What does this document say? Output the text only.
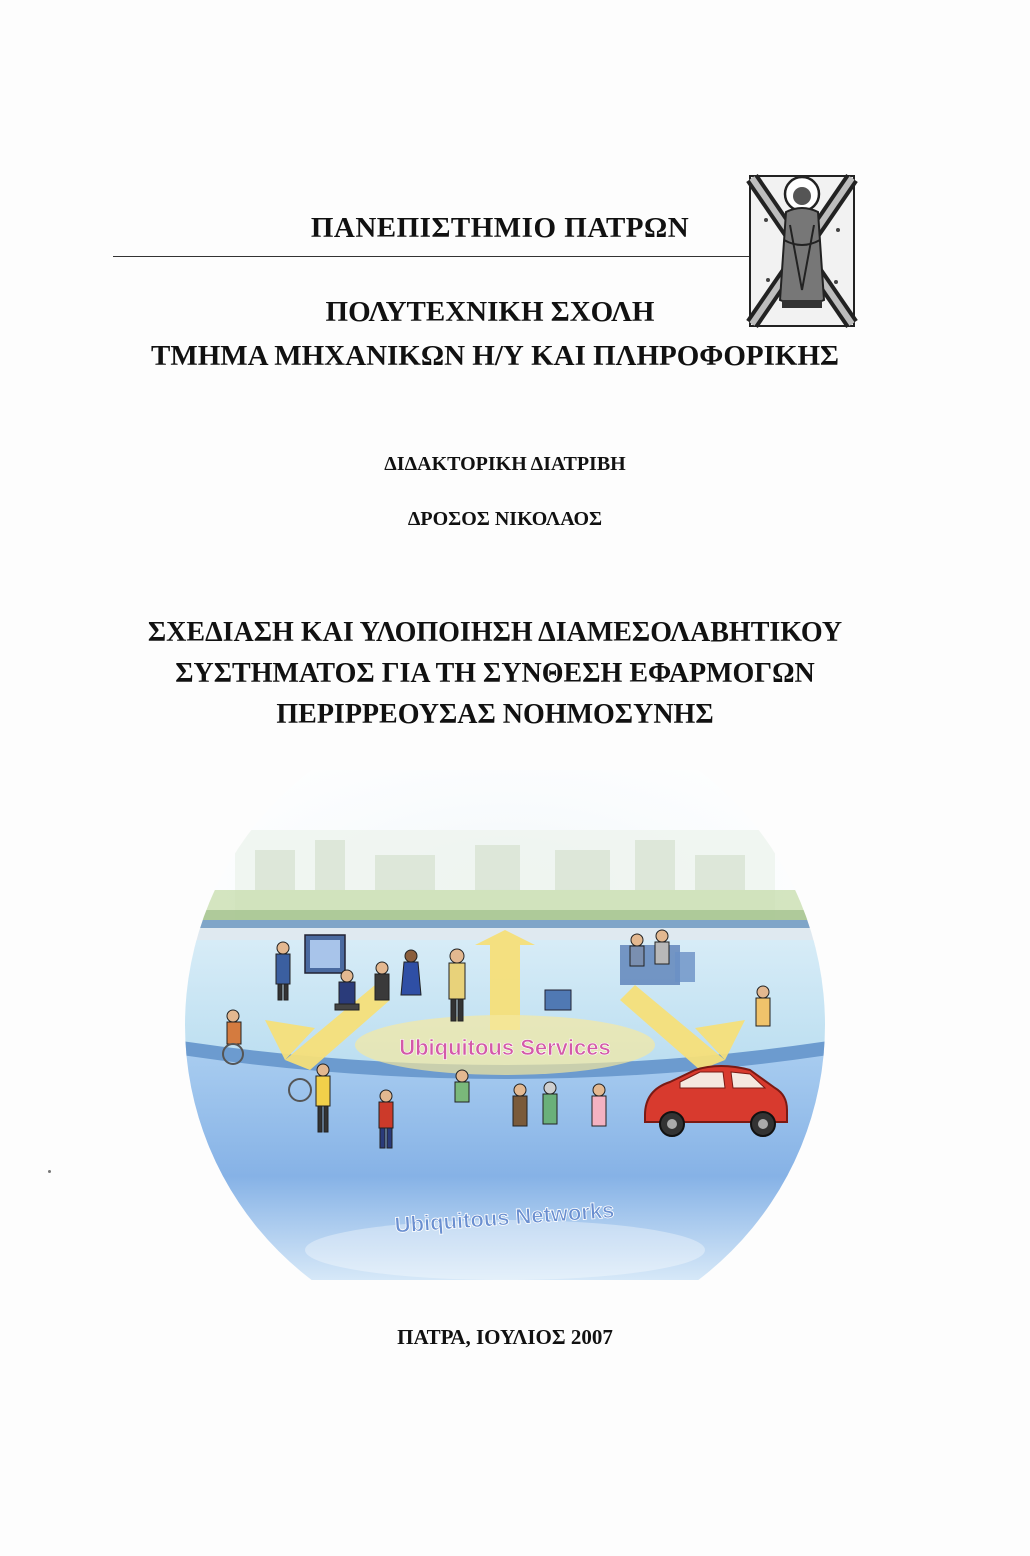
ΠΑΝΕΠΙΣΤΗΜΙΟ ΠΑΤΡΩΝ
ΠΟΛΥΤΕΧΝΙΚΗ ΣΧΟΛΗ
ΤΜΗΜΑ ΜΗΧΑΝΙΚΩΝ Η/Υ ΚΑΙ ΠΛΗΡΟΦΟΡΙΚΗΣ
ΔΙΔΑΚΤΟΡΙΚΗ ΔΙΑΤΡΙΒΗ
ΔΡΟΣΟΣ ΝΙΚΟΛΑΟΣ
ΣΧΕΔΙΑΣΗ ΚΑΙ ΥΛΟΠΟΙΗΣΗ ΔΙΑΜΕΣΟΛΑΒΗΤΙΚΟΥ
ΣΥΣΤΗΜΑΤΟΣ ΓΙΑ ΤΗ ΣΥΝΘΕΣΗ ΕΦΑΡΜΟΓΩΝ
ΠΕΡΙΡΡΕΟΥΣΑΣ ΝΟΗΜΟΣΥΝΗΣ
Ubiquitous Services
Ubiquitous Networks
ΠΑΤΡΑ, ΙΟΥΛΙΟΣ 2007
